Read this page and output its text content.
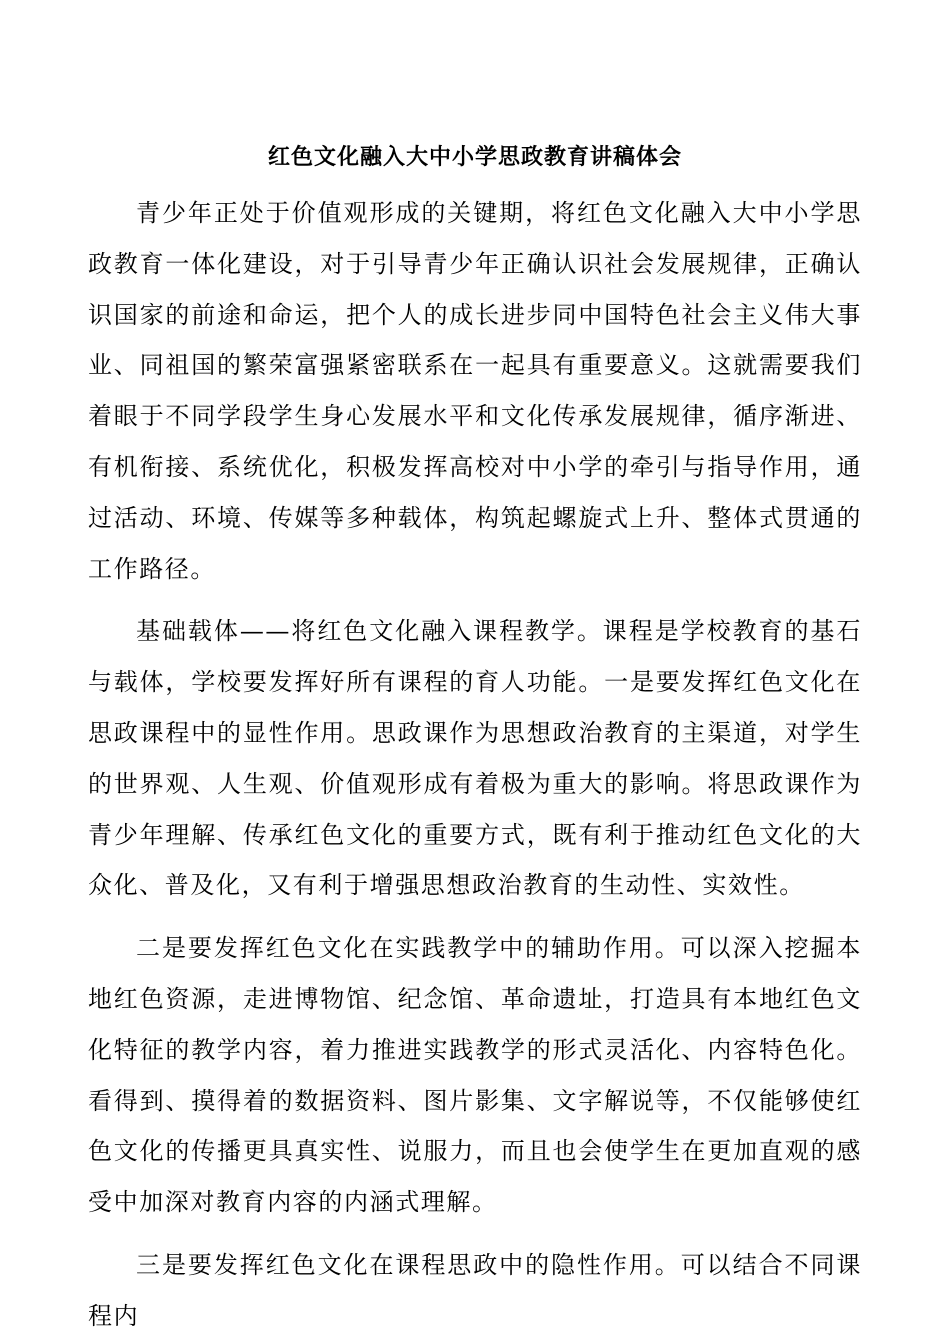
红色文化融入大中小学思政教育讲稿体会

青少年正处于价值观形成的关键期，将红色文化融入大中小学思政教育一体化建设，对于引导青少年正确认识社会发展规律，正确认识国家的前途和命运，把个人的成长进步同中国特色社会主义伟大事业、同祖国的繁荣富强紧密联系在一起具有重要意义。这就需要我们着眼于不同学段学生身心发展水平和文化传承发展规律，循序渐进、有机衔接、系统优化，积极发挥高校对中小学的牵引与指导作用，通过活动、环境、传媒等多种载体，构筑起螺旋式上升、整体式贯通的工作路径。

基础载体——将红色文化融入课程教学。课程是学校教育的基石与载体，学校要发挥好所有课程的育人功能。一是要发挥红色文化在思政课程中的显性作用。思政课作为思想政治教育的主渠道，对学生的世界观、人生观、价值观形成有着极为重大的影响。将思政课作为青少年理解、传承红色文化的重要方式，既有利于推动红色文化的大众化、普及化，又有利于增强思想政治教育的生动性、实效性。

二是要发挥红色文化在实践教学中的辅助作用。可以深入挖掘本地红色资源，走进博物馆、纪念馆、革命遗址，打造具有本地红色文化特征的教学内容，着力推进实践教学的形式灵活化、内容特色化。看得到、摸得着的数据资料、图片影集、文字解说等，不仅能够使红色文化的传播更具真实性、说服力，而且也会使学生在更加直观的感受中加深对教育内容的内涵式理解。

三是要发挥红色文化在课程思政中的隐性作用。可以结合不同课程内
